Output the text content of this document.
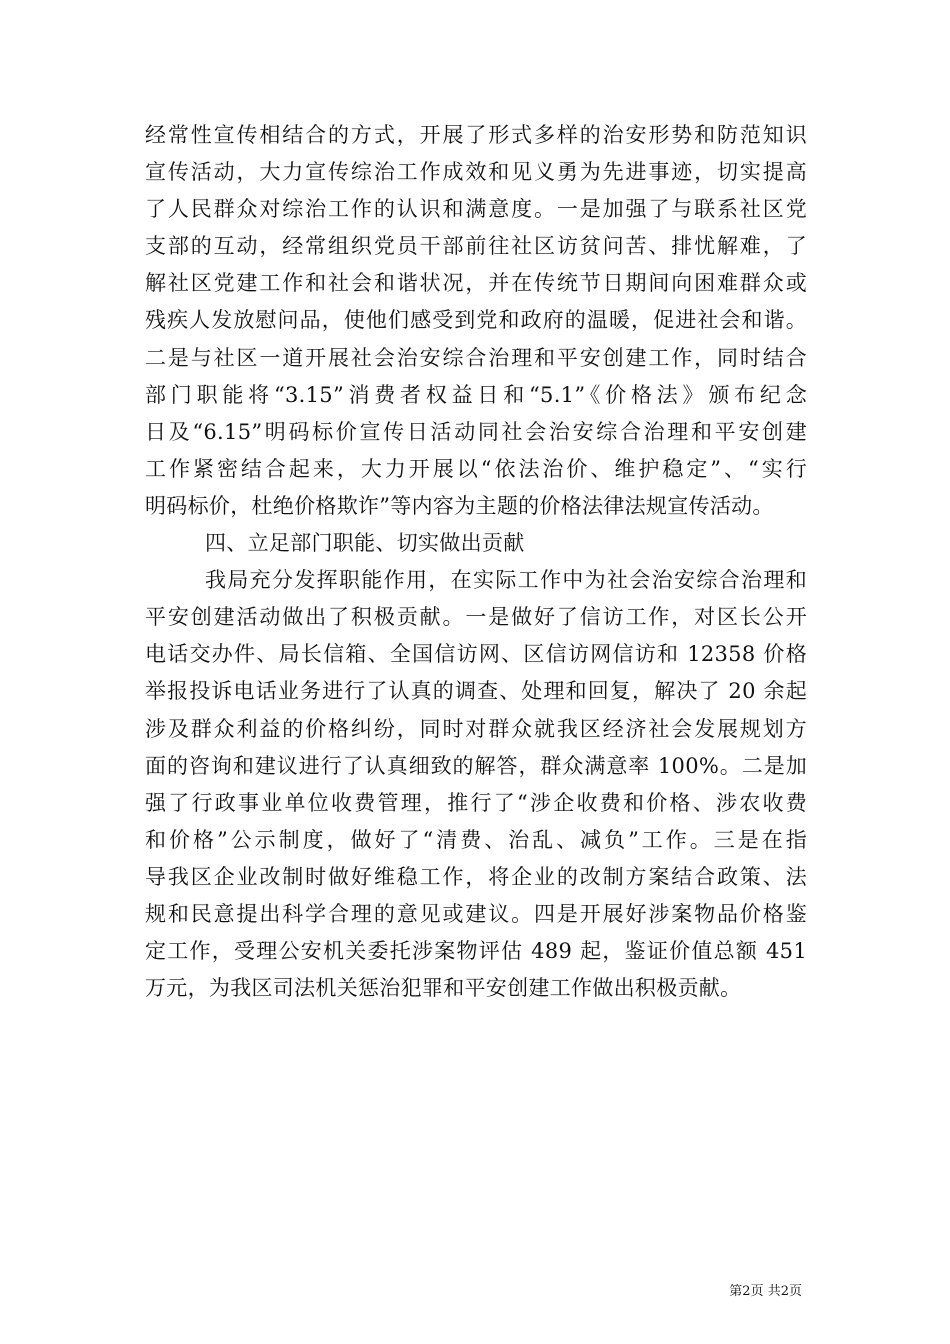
经常性宣传相结合的方式，开展了形式多样的治安形势和防范知识
宣传活动，大力宣传综治工作成效和见义勇为先进事迹，切实提高
了人民群众对综治工作的认识和满意度。一是加强了与联系社区党
支部的互动，经常组织党员干部前往社区访贫问苦、排忧解难，了
解社区党建工作和社会和谐状况，并在传统节日期间向困难群众或
残疾人发放慰问品，使他们感受到党和政府的温暖，促进社会和谐。
二是与社区一道开展社会治安综合治理和平安创建工作，同时结合
部门职能将“3.15”消费者权益日和“5.1”《价格法》颁布纪念
日及“6.15”明码标价宣传日活动同社会治安综合治理和平安创建
工作紧密结合起来，大力开展以“依法治价、维护稳定”、“实行
明码标价，杜绝价格欺诈”等内容为主题的价格法律法规宣传活动。
四、立足部门职能、切实做出贡献
我局充分发挥职能作用，在实际工作中为社会治安综合治理和
平安创建活动做出了积极贡献。一是做好了信访工作，对区长公开
电话交办件、局长信箱、全国信访网、区信访网信访和 12358 价格
举报投诉电话业务进行了认真的调查、处理和回复，解决了 20 余起
涉及群众利益的价格纠纷，同时对群众就我区经济社会发展规划方
面的咨询和建议进行了认真细致的解答，群众满意率 100%。二是加
强了行政事业单位收费管理，推行了“涉企收费和价格、涉农收费
和价格”公示制度，做好了“清费、治乱、减负”工作。三是在指
导我区企业改制时做好维稳工作，将企业的改制方案结合政策、法
规和民意提出科学合理的意见或建议。四是开展好涉案物品价格鉴
定工作，受理公安机关委托涉案物评估 489 起，鉴证价值总额 451
万元，为我区司法机关惩治犯罪和平安创建工作做出积极贡献。
第2页 共2页
